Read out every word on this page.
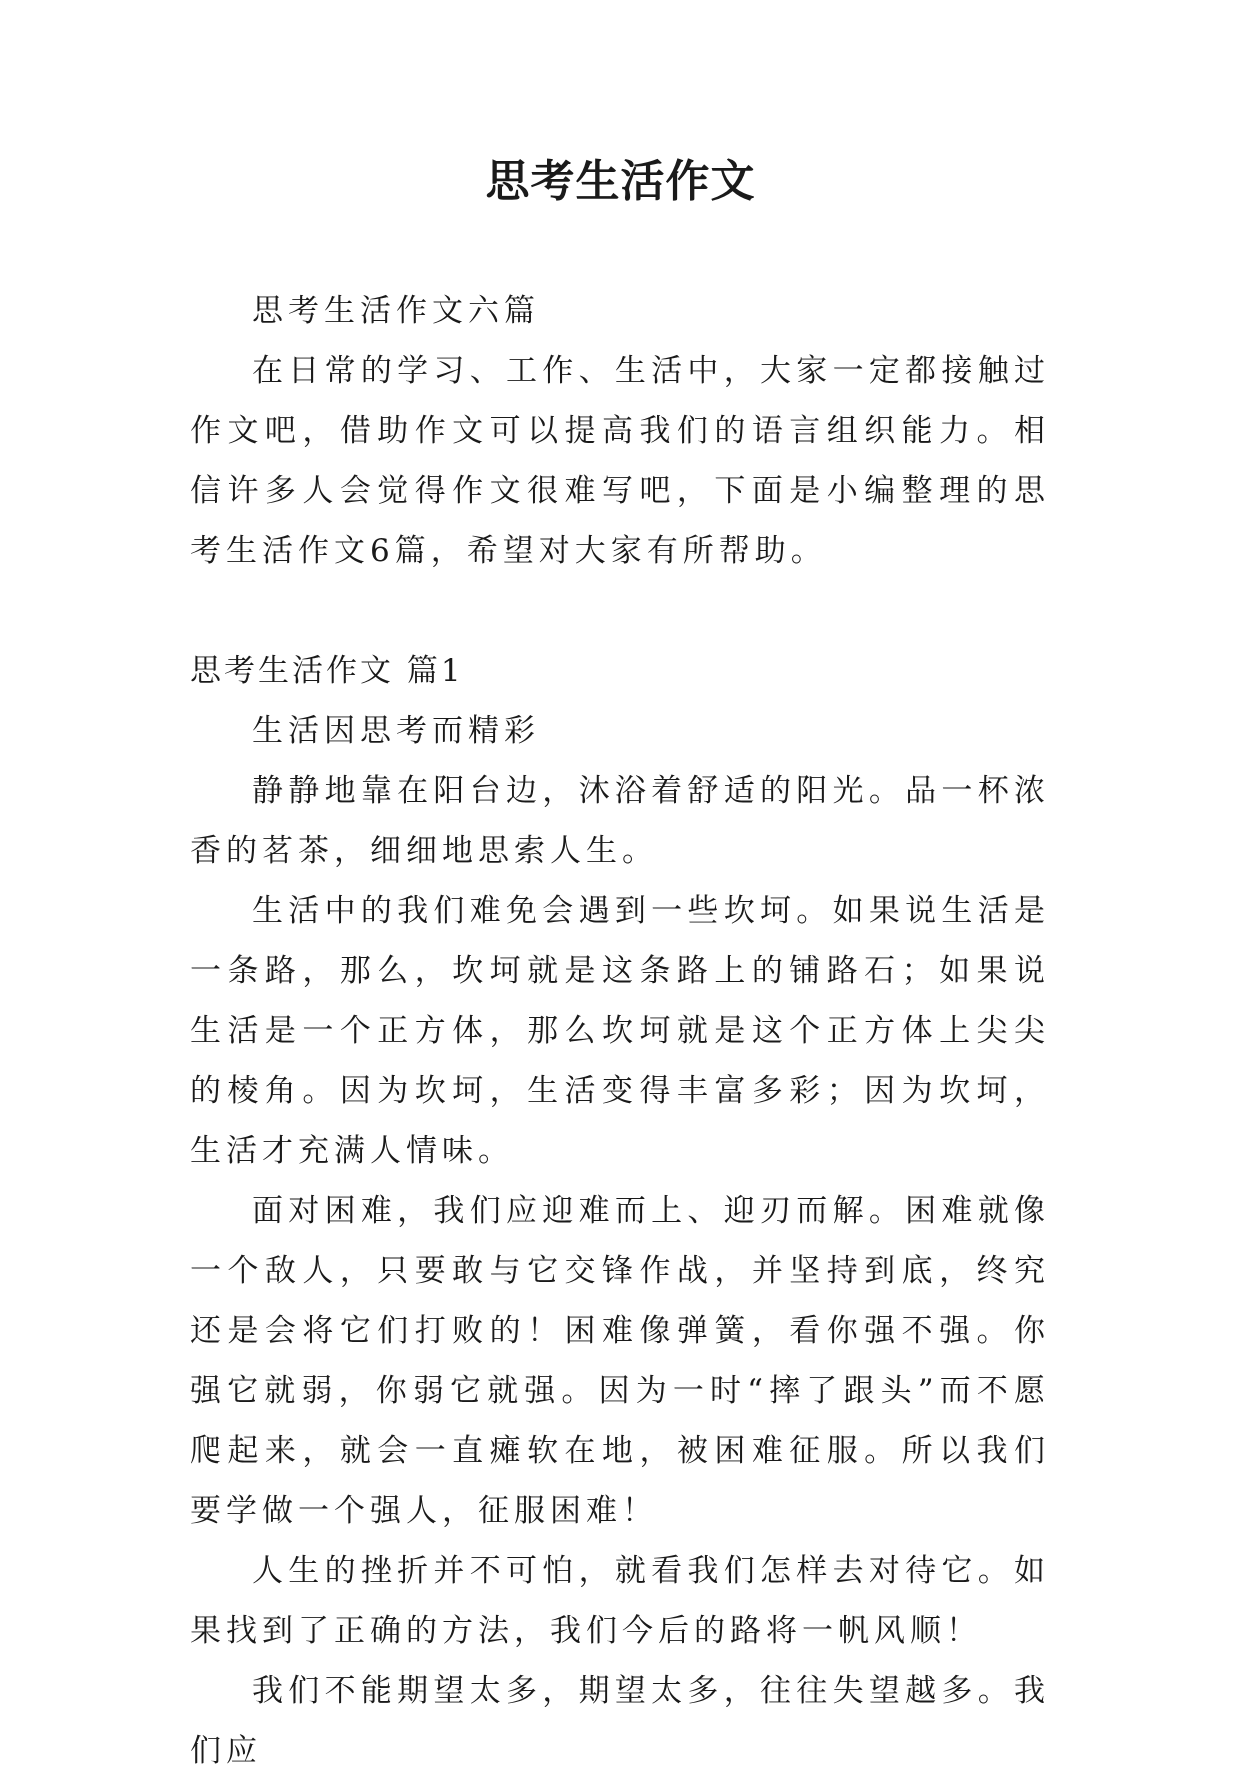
思考生活作文

思考生活作文六篇

在日常的学习、工作、生活中，大家一定都接触过作文吧，借助作文可以提高我们的语言组织能力。相信许多人会觉得作文很难写吧，下面是小编整理的思考生活作文6篇，希望对大家有所帮助。

思考生活作文 篇1

生活因思考而精彩

静静地靠在阳台边，沐浴着舒适的阳光。品一杯浓香的茗茶，细细地思索人生。

生活中的我们难免会遇到一些坎坷。如果说生活是一条路，那么，坎坷就是这条路上的铺路石；如果说生活是一个正方体，那么坎坷就是这个正方体上尖尖的棱角。因为坎坷，生活变得丰富多彩；因为坎坷，生活才充满人情味。

面对困难，我们应迎难而上、迎刃而解。困难就像一个敌人，只要敢与它交锋作战，并坚持到底，终究还是会将它们打败的！困难像弹簧，看你强不强。你强它就弱，你弱它就强。因为一时“摔了跟头”而不愿爬起来，就会一直瘫软在地，被困难征服。所以我们要学做一个强人，征服困难！

人生的挫折并不可怕，就看我们怎样去对待它。如果找到了正确的方法，我们今后的路将一帆风顺！

我们不能期望太多，期望太多，往往失望越多。我们应
